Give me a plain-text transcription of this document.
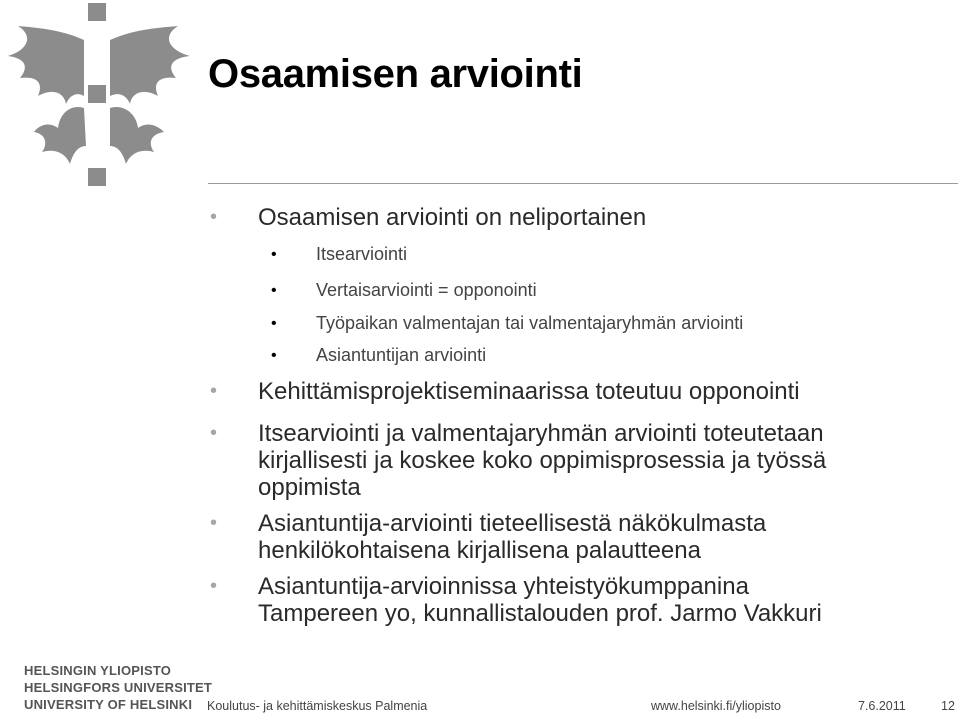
Osaamisen arviointi
• Osaamisen arviointi on neliportainen
• Itsearviointi
• Vertaisarviointi = opponointi
• Työpaikan valmentajan tai valmentajaryhmän arviointi
• Asiantuntijan arviointi
• Kehittämisprojektiseminaarissa toteutuu opponointi
• Itsearviointi ja valmentajaryhmän arviointi toteutetaan
kirjallisesti ja koskee koko oppimisprosessia ja työssä
oppimista
• Asiantuntija-arviointi tieteellisestä näkökulmasta
henkilökohtaisena kirjallisena palautteena
• Asiantuntija-arvioinnissa yhteistyökumppanina
Tampereen yo, kunnallistalouden prof. Jarmo Vakkuri
HELSINGIN YLIOPISTO
HELSINGFORS UNIVERSITET
UNIVERSITY OF HELSINKI	Koulutus- ja kehittämiskeskus Palmenia	www.helsinki.fi/yliopisto	7.6.2011	12
